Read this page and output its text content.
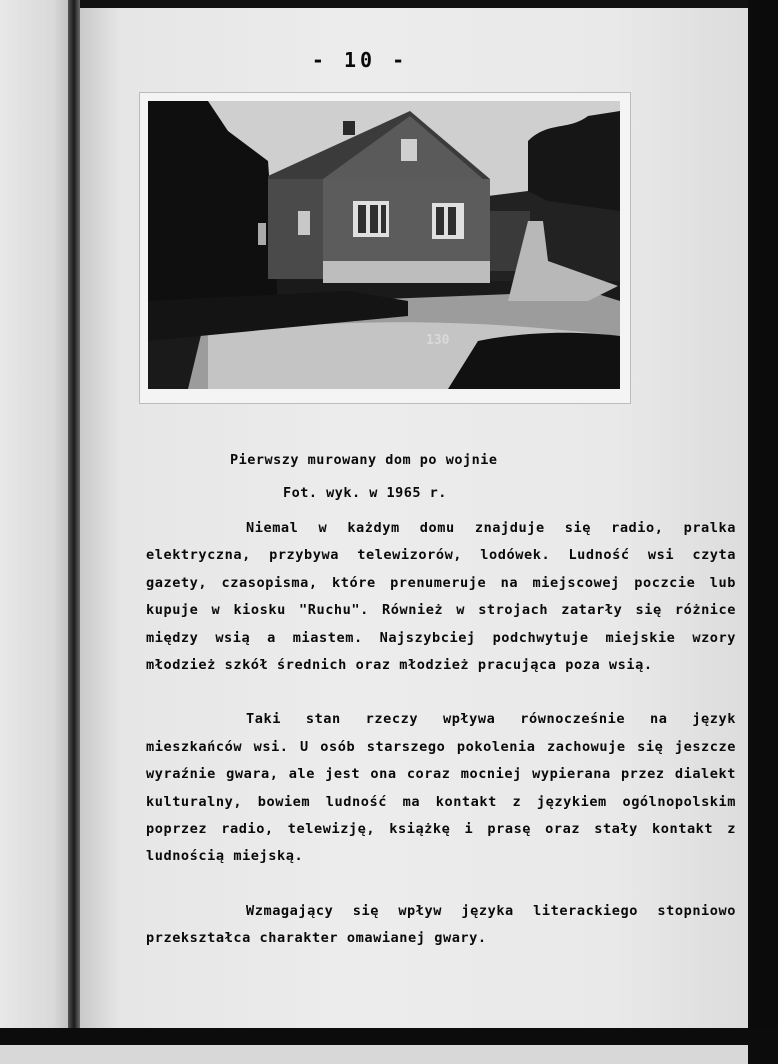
- 10 -
130
Pierwszy murowany dom po wojnie
Fot. wyk. w 1965 r.

Niemal w każdym domu znajduje się radio, pralka elektryczna, przybywa telewizorów, lodówek. Ludność wsi czyta gazety, czasopisma, które prenumeruje na miejscowej poczcie lub kupuje w kiosku "Ruchu". Również w strojach zatarły się różnice między wsią a miastem. Najszybciej podchwytuje miejskie wzory młodzież szkół średnich oraz młodzież pracująca poza wsią.

Taki stan rzeczy wpływa równocześnie na język mieszkańców wsi. U osób starszego pokolenia zachowuje się jeszcze wyraźnie gwara, ale jest ona coraz mocniej wypierana przez dialekt kulturalny, bowiem ludność ma kontakt z językiem ogólnopolskim poprzez radio, telewizję, książkę i prasę oraz stały kontakt z ludnością miejską.

Wzmagający się wpływ języka literackiego stopniowo przekształca charakter omawianej gwary.
